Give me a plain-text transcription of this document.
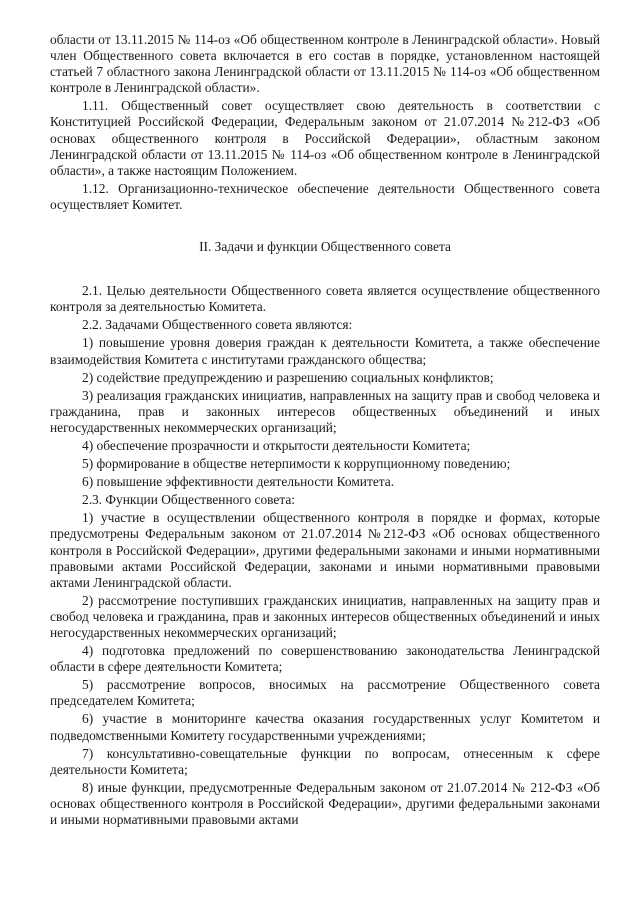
области от 13.11.2015 № 114-оз «Об общественном контроле в Ленинградской области». Новый член Общественного совета включается в его состав в порядке, установленном настоящей статьей 7 областного закона Ленинградской области от 13.11.2015 № 114-оз «Об общественном контроле в Ленинградской области».

1.11. Общественный совет осуществляет свою деятельность в соответствии с Конституцией Российской Федерации, Федеральным законом от 21.07.2014 №212-ФЗ «Об основах общественного контроля в Российской Федерации», областным законом Ленинградской области от 13.11.2015 № 114-оз «Об общественном контроле в Ленинградской области», а также настоящим Положением.

1.12. Организационно-техническое обеспечение деятельности Общественного совета осуществляет Комитет.

II. Задачи и функции Общественного совета

2.1. Целью деятельности Общественного совета является осуществление общественного контроля за деятельностью Комитета.

2.2. Задачами Общественного совета являются:

1) повышение уровня доверия граждан к деятельности Комитета, а также обеспечение взаимодействия Комитета с институтами гражданского общества;

2) содействие предупреждению и разрешению социальных конфликтов;

3) реализация гражданских инициатив, направленных на защиту прав и свобод человека и гражданина, прав и законных интересов общественных объединений и иных негосударственных некоммерческих организаций;

4) обеспечение прозрачности и открытости деятельности Комитета;

5) формирование в обществе нетерпимости к коррупционному поведению;

6) повышение эффективности деятельности Комитета.

2.3. Функции Общественного совета:

1) участие в осуществлении общественного контроля в порядке и формах, которые предусмотрены Федеральным законом от 21.07.2014 №212-ФЗ «Об основах общественного контроля в Российской Федерации», другими федеральными законами и иными нормативными правовыми актами Российской Федерации, законами и иными нормативными правовыми актами Ленинградской области.

2) рассмотрение поступивших гражданских инициатив, направленных на защиту прав и свобод человека и гражданина, прав и законных интересов общественных объединений и иных негосударственных некоммерческих организаций;

4) подготовка предложений по совершенствованию законодательства Ленинградской области в сфере деятельности Комитета;

5) рассмотрение вопросов, вносимых на рассмотрение Общественного совета председателем Комитета;

6) участие в мониторинге качества оказания государственных услуг Комитетом и подведомственными Комитету государственными учреждениями;

7) консультативно-совещательные функции по вопросам, отнесенным к сфере деятельности Комитета;

8) иные функции, предусмотренные Федеральным законом от 21.07.2014 № 212-ФЗ «Об основах общественного контроля в Российской Федерации», другими федеральными законами и иными нормативными правовыми актами
